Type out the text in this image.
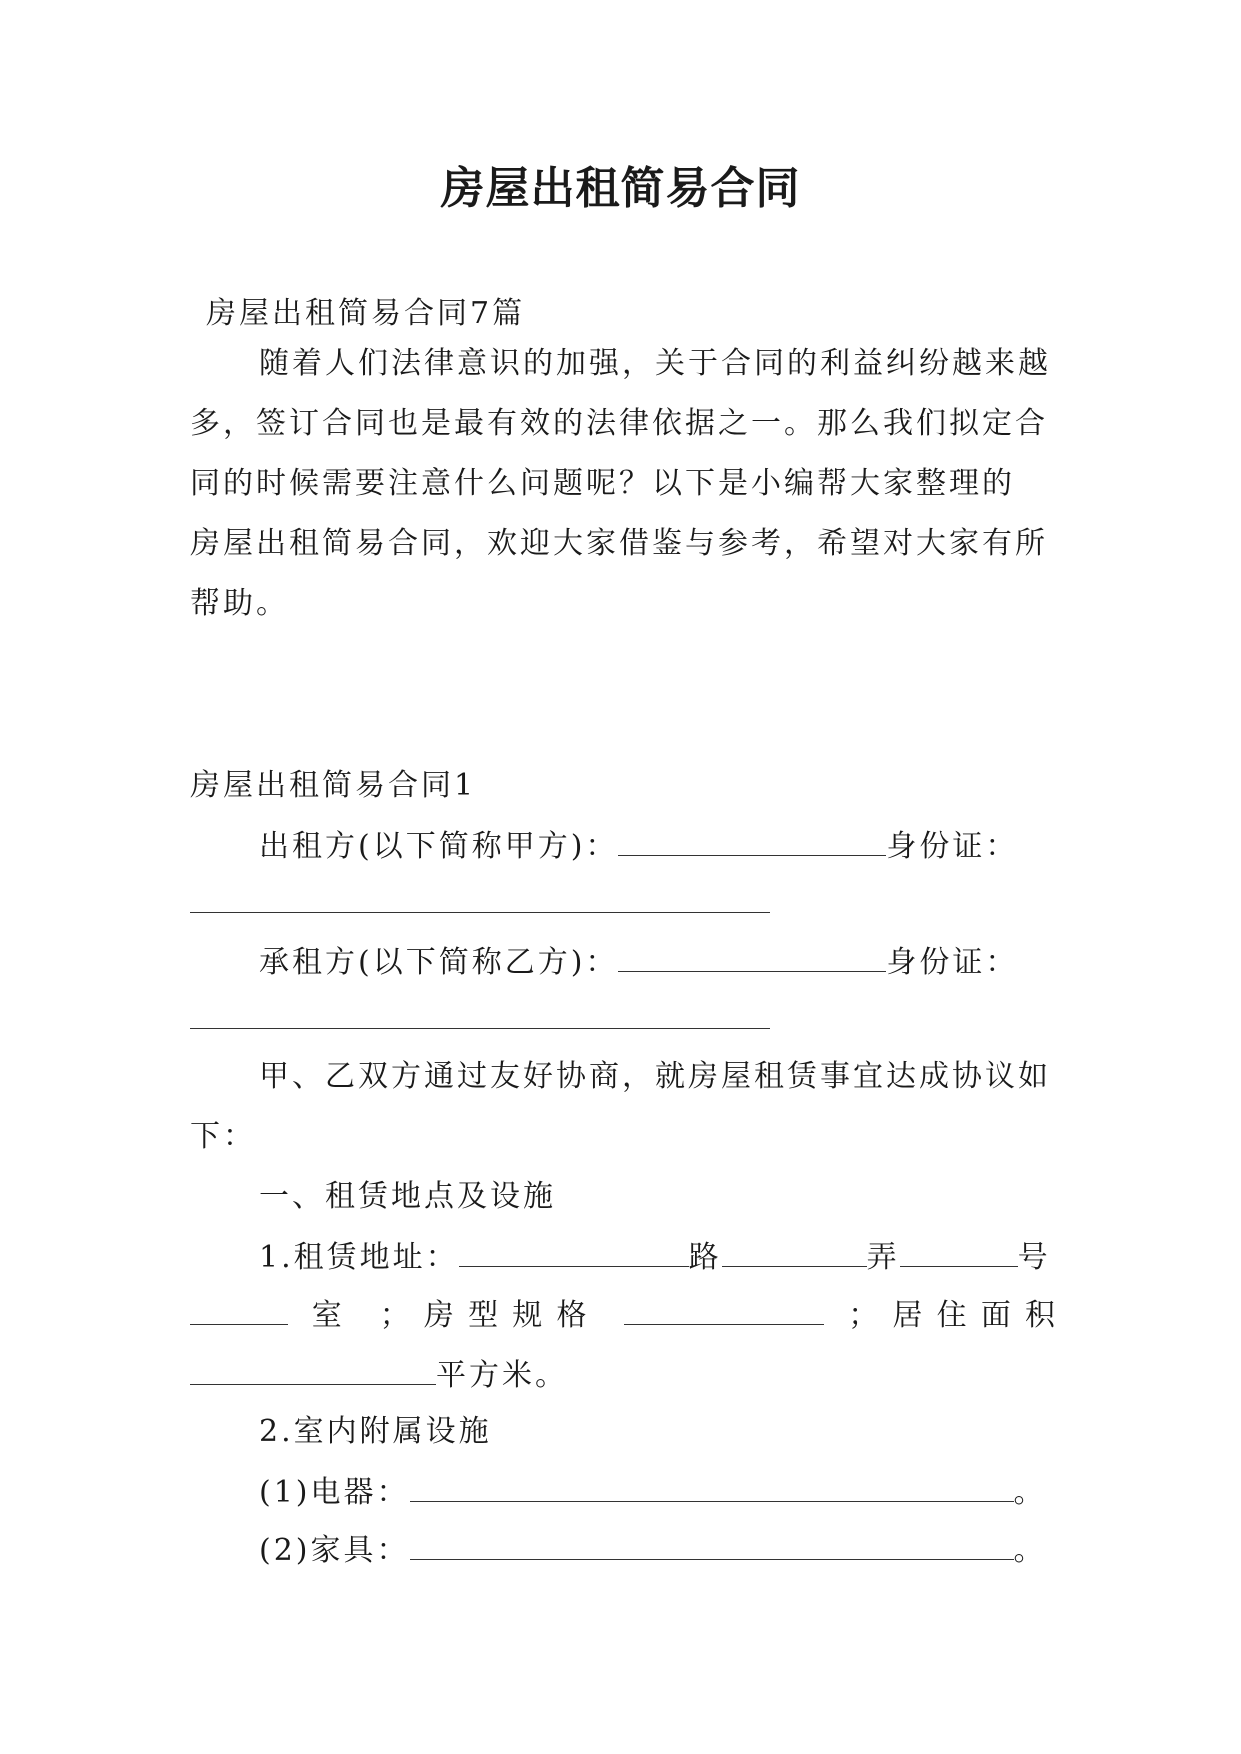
房屋出租简易合同
房屋出租简易合同7篇
随着人们法律意识的加强，关于合同的利益纠纷越来越
多，签订合同也是最有效的法律依据之一。那么我们拟定合
同的时候需要注意什么问题呢？以下是小编帮大家整理的
房屋出租简易合同，欢迎大家借鉴与参考，希望对大家有所
帮助。
房屋出租简易合同1
出租方(以下简称甲方)：	身份证：
承租方(以下简称乙方)：	身份证：
甲、乙双方通过友好协商，就房屋租赁事宜达成协议如
下：
一、租赁地点及设施
1.租赁地址：	路	弄	号
室 ；房型规格	；居住面积
平方米。
2.室内附属设施
(1)电器：	。
(2)家具：	。
